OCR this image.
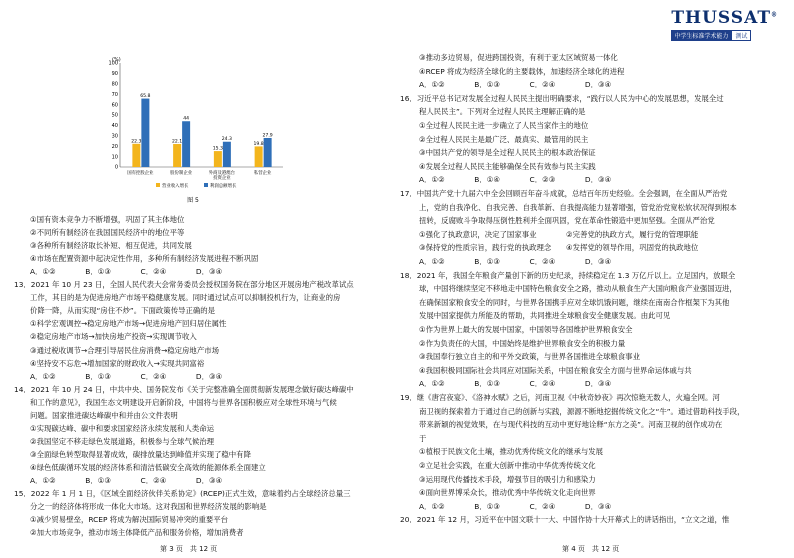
(%)
0
10
20
30
40
50
60
70
80
90
100
22.3
65.8
国有控股企业
22.1
44
股份制企业
15.3
24.3
外商及港澳台
投资企业
19.8
27.9
私营企业
营业收入增长	利润总额增长
图 5
①国有资本竞争力不断增强，巩固了其主体地位
②不同所有制经济在我国国民经济中的地位平等
③各种所有制经济取长补短、相互促进，共同发展
④市场在配置资源中起决定性作用，多种所有制经济发展进程不断巩固
A．①②　　　　B．①③　　　　C．②④　　　　D．③④
13．2021 年 10 月 23 日，全国人民代表大会常务委员会授权国务院在部分地区开展房地产税改革试点
工作，其目的是为促进房地产市场平稳健康发展。同时通过试点可以抑制投机行为，让商业的房
价降一降，从而实现“房住不炒”。下面政策传导正确的是
①科学宏观调控→稳定房地产市场→促进房地产回归居住属性
②稳定房地产市场→加快房地产投资→实现调节收入
③通过税收调节→合理引导居民住房消费→稳定房地产市场
④坚持安不忘危→增加国家的财政收入→实现共同富裕
A．①②　　　　B．①③　　　　C．②④　　　　D．③④
14．2021 年 10 月 24 日，中共中央、国务院发布《关于完整准确全面贯彻新发展理念做好碳达峰碳中
和工作的意见》，我国生态文明建设开启新阶段，中国将与世界各国积极应对全球性环境与气候
问题。国家推进碳达峰碳中和并由公文件表明
①实现碳达峰、碳中和要求国家经济永续发展和人类命运
②我国坚定不移走绿色发展道路，积极参与全球气候治理
③全面绿色转型取得显著成效，碳排放量达到峰值并实现了稳中有降
④绿色低碳循环发展的经济体系和清洁低碳安全高效的能源体系全面建立
A．①②　　　　B．①③　　　　C．②④　　　　D．③④
15．2022 年 1 月 1 日，《区域全面经济伙伴关系协定》(RCEP)正式生效，意味着约占全球经济总量三
分之一的经济体将形成一体化大市场。这对我国和世界经济发展的影响是
①减少贸易壁垒，RCEP 将成为解决国际贸易冲突的重要平台
②加大市场竞争，推动市场主体降低产品和服务价格，增加消费者
第 3 页　共 12 页
THUSSAT®
中学生标准学术能力	测试
③推动多边贸易，促进跨国投资，有利于亚太区域贸易一体化
④RCEP 将成为经济全球化的主要载体，加速经济全球化的进程
A．①②　　　　B．①③　　　　C．②④　　　　D．③④
16．习近平总书记对发展全过程人民民主提出明确要求，“践行以人民为中心的发展思想，发展全过
程人民民主”。下列对全过程人民民主理解正确的是
①全过程人民民主进一步确立了人民当家作主的地位
②全过程人民民主是最广泛、最真实、最管用的民主
③中国共产党的领导是全过程人民民主的根本政治保证
④发展全过程人民民主能够确保全民有效参与民主实践
A．①②　　　　B．①④　　　　C．②③　　　　D．③④
17．中国共产党十九届六中全会回顾百年奋斗成就，总结百年历史经验。全会强调，在全面从严治党
上，党的自我净化、自我完善、自我革新、自我提高能力显著增强，管党治党宽松软状况得到根本
扭转，反腐败斗争取得压倒性胜利并全面巩固，党在革命性锻造中更加坚强。全面从严治党
①强化了执政意识，决定了国家事业　　　　②完善党的执政方式，履行党的管理职能
③保持党的性质宗旨，践行党的执政理念　　④发挥党的领导作用，巩固党的执政地位
A．①②　　　　B．①③　　　　C．②④　　　　D．③④
18．2021 年，我国全年粮食产量创下新的历史纪录，持续稳定在 1.3 万亿斤以上。立足国内，放眼全
球，中国将继续坚定不移地走中国特色粮食安全之路，推动从粮食生产大国向粮食产业强国迈进，
在确保国家粮食安全的同时，与世界各国携手应对全球饥饿问题，继续在南南合作框架下为其他
发展中国家提供力所能及的帮助，共同推进全球粮食安全健康发展。由此可见
①作为世界上最大的发展中国家，中国领导各国维护世界粮食安全
②作为负责任的大国，中国始终是维护世界粮食安全的积极力量
③我国奉行独立自主的和平外交政策，与世界各国推进全球粮食事业
④我国积极同国际社会共同应对国际关系，中国在粮食安全方面与世界命运体戚与共
A．①②　　　　B．①③　　　　C．②④　　　　D．③④
19．继《唐宫夜宴》、《洛神水赋》之后，河南卫视《中秋奇妙夜》再次惊艳无数人，火遍全网。河
南卫视的探索着力于通过自己的创新与实践，源源不断地挖掘传统文化之“牛”。通过借助科技手段，
带来新颖的视觉效果，在与现代科技的互动中更好地诠释“东方之美”。河南卫视的创作成功在
于
①植根于民族文化土壤，推动优秀传统文化的继承与发展
②立足社会实践，在重大创新中推动中华优秀传统文化
③运用现代传播技术手段，增强节目的吸引力和感染力
④面向世界博采众长，推动优秀中华传统文化走向世界
A．①②　　　　B．①③　　　　C．②④　　　　D．③④
20．2021 年 12 月，习近平在中国文联十一大、中国作协十大开幕式上的讲话指出，“立文之道，惟
第 4 页　共 12 页
